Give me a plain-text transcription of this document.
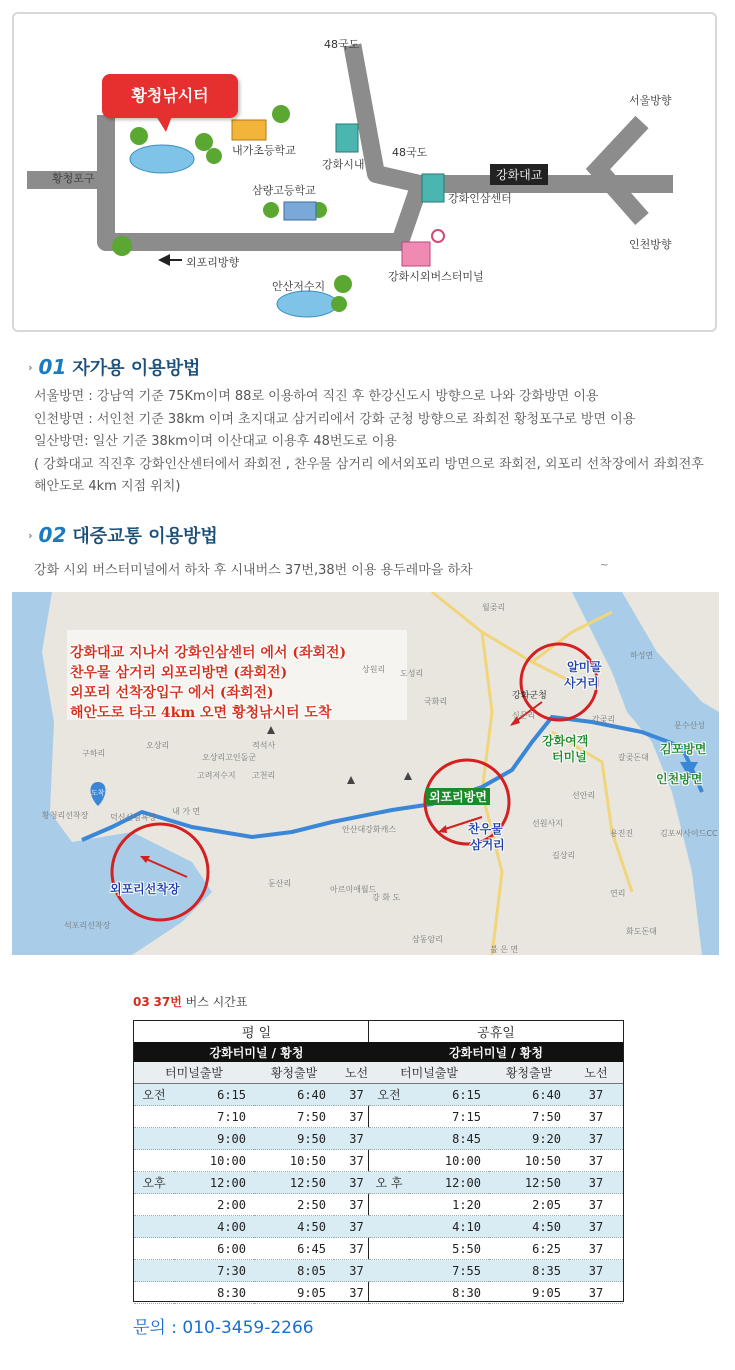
황청낚시터
48국도
48국도
서울방향
인천방향
강화대교
황청포구
내가초등학교
강화시내
삼량고등학교
강화인삼센터
외포리방향
강화시외버스터미널
안산저수지
› 01 자가용 이용방법
서울방면 : 강남역 기준 75Km이며 88로 이용하여 직진 후 한강신도시 방향으로 나와 강화방면 이용
인천방면 : 서인천 기준 38km 이며 초지대교 삼거리에서 강화 군청 방향으로 좌회전 황청포구로 방면 이용
일산방면: 일산 기준 38km이며 이산대교 이용후 48번도로 이용
( 강화대교 직진후 강화인산센터에서 좌회전 , 찬우물 삼거리 에서외포리 방면으로 좌회전, 외포리 선착장에서 좌회전후
해안도로 4km 지점 위치)
› 02 대중교통 이용방법
강화 시외 버스터미널에서 하차 후 시내버스 37번,38번 이용 용두레마을 하차	~
강화대교 지나서 강화인삼센터 에서 (좌회전)
찬우물 삼거리 외포리방면 (좌회전)
외포리 선착장입구 에서 (좌회전)
해안도로 타고 4km 오면 황청낚시터 도착
알미골
사거리
강화여객
터미널
김포방면
인천방면
외포리방면
찬우물
삼거리
외포리선착장
도착
강화군청
오상리
오상리고인돌군
고려저수지
구하리
내 가 면
적석사
고천리
황청리선착장	덕신산림욕장
석포리선착장
안산대강화캐스
아르미애월드
강 화 도
둔산리
선원사지
용진진	김포씨사이드CC
월곶리
불 은 면
삼동암리
화도돈대
갈곶돈대
문수산성
연리
도성리
상원리
국화리
하성면
갑곶리
신문리
선안리
길상리
03 37번 버스 시간표
평 일			
강화터미널 / 황청			
터미널출발		황청출발	노선
오전	6:15	6:40	37
	7:10	7:50	37
	9:00	9:50	37
	10:00	10:50	37
오후	12:00	12:50	37
	2:00	2:50	37
	4:00	4:50	37
	6:00	6:45	37
	7:30	8:05	37
	8:30	9:05	37
공휴일			
강화터미널 / 황청			
터미널출발		황청출발	노선
오전	6:15	6:40	37
	7:15	7:50	37
	8:45	9:20	37
	10:00	10:50	37
오 후	12:00	12:50	37
	1:20	2:05	37
	4:10	4:50	37
	5:50	6:25	37
	7:55	8:35	37
	8:30	9:05	37
문의 : 010-3459-2266
